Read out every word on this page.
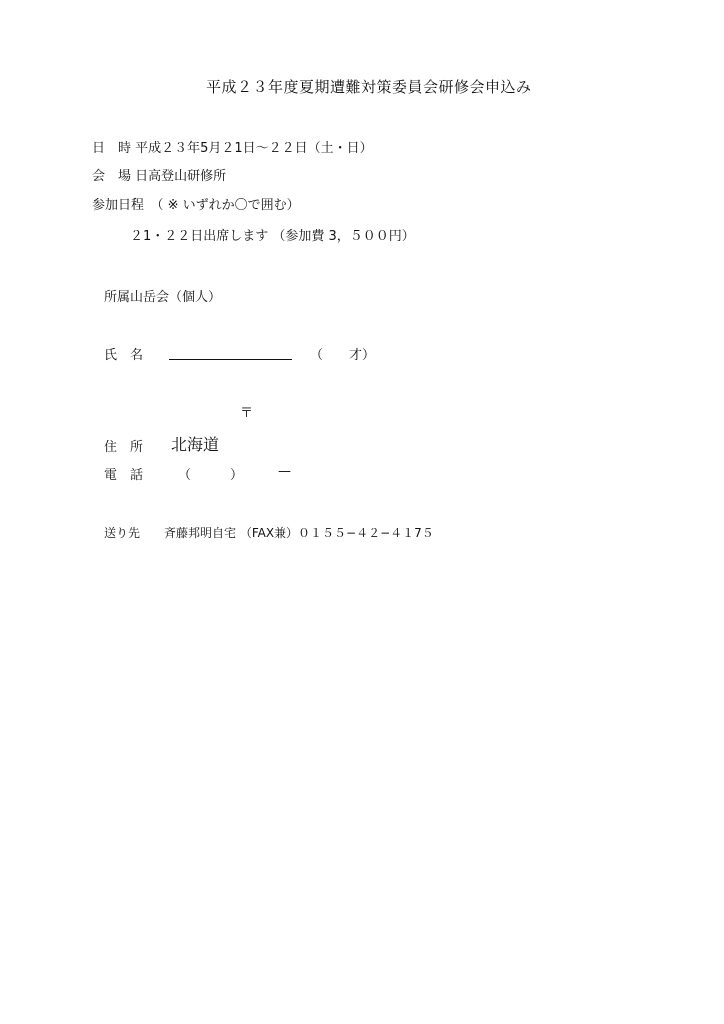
平成２３年度夏期遭難対策委員会研修会申込み
日　時 平成２３年5月２1日〜２２日（土・日）
会　場 日高登山研修所
参加日程　（ ※ いずれか〇で囲む）
２1・２２日出席します （参加費 3，５００円）
所属山岳会（個人）
氏　名	（　　才）
〒
住　所 北海道
電　話	（　　　）	—
送り先　　斉藤邦明自宅 （FAX兼）０１５５−４２−４１7５
